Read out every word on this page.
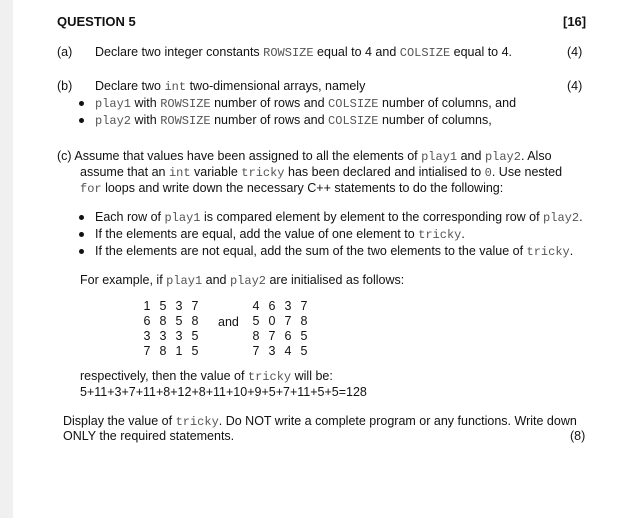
QUESTION 5	[16]
(a) Declare two integer constants ROWSIZE equal to 4 and COLSIZE equal to 4.	(4)
(b) Declare two int two-dimensional arrays, namely	(4)
play1 with ROWSIZE number of rows and COLSIZE number of columns, and
play2 with ROWSIZE number of rows and COLSIZE number of columns,
(c) Assume that values have been assigned to all the elements of play1 and play2. Also
assume that an int variable tricky has been declared and intialised to 0. Use nested
for loops and write down the necessary C++ statements to do the following:
Each row of play1 is compared element by element to the corresponding row of play2.
If the elements are equal, add the value of one element to tricky.
If the elements are not equal, add the sum of the two elements to the value of tricky.
For example, if play1 and play2 are initialised as follows:
1 5 3 7
6 8 5 8
3 3 3 5
7 8 1 5
and
4 6 3 7
5 0 7 8
8 7 6 5
7 3 4 5
respectively, then the value of tricky will be:
5+11+3+7+11+8+12+8+11+10+9+5+7+11+5+5=128
Display the value of tricky. Do NOT write a complete program or any functions. Write down
ONLY the required statements.	(8)
